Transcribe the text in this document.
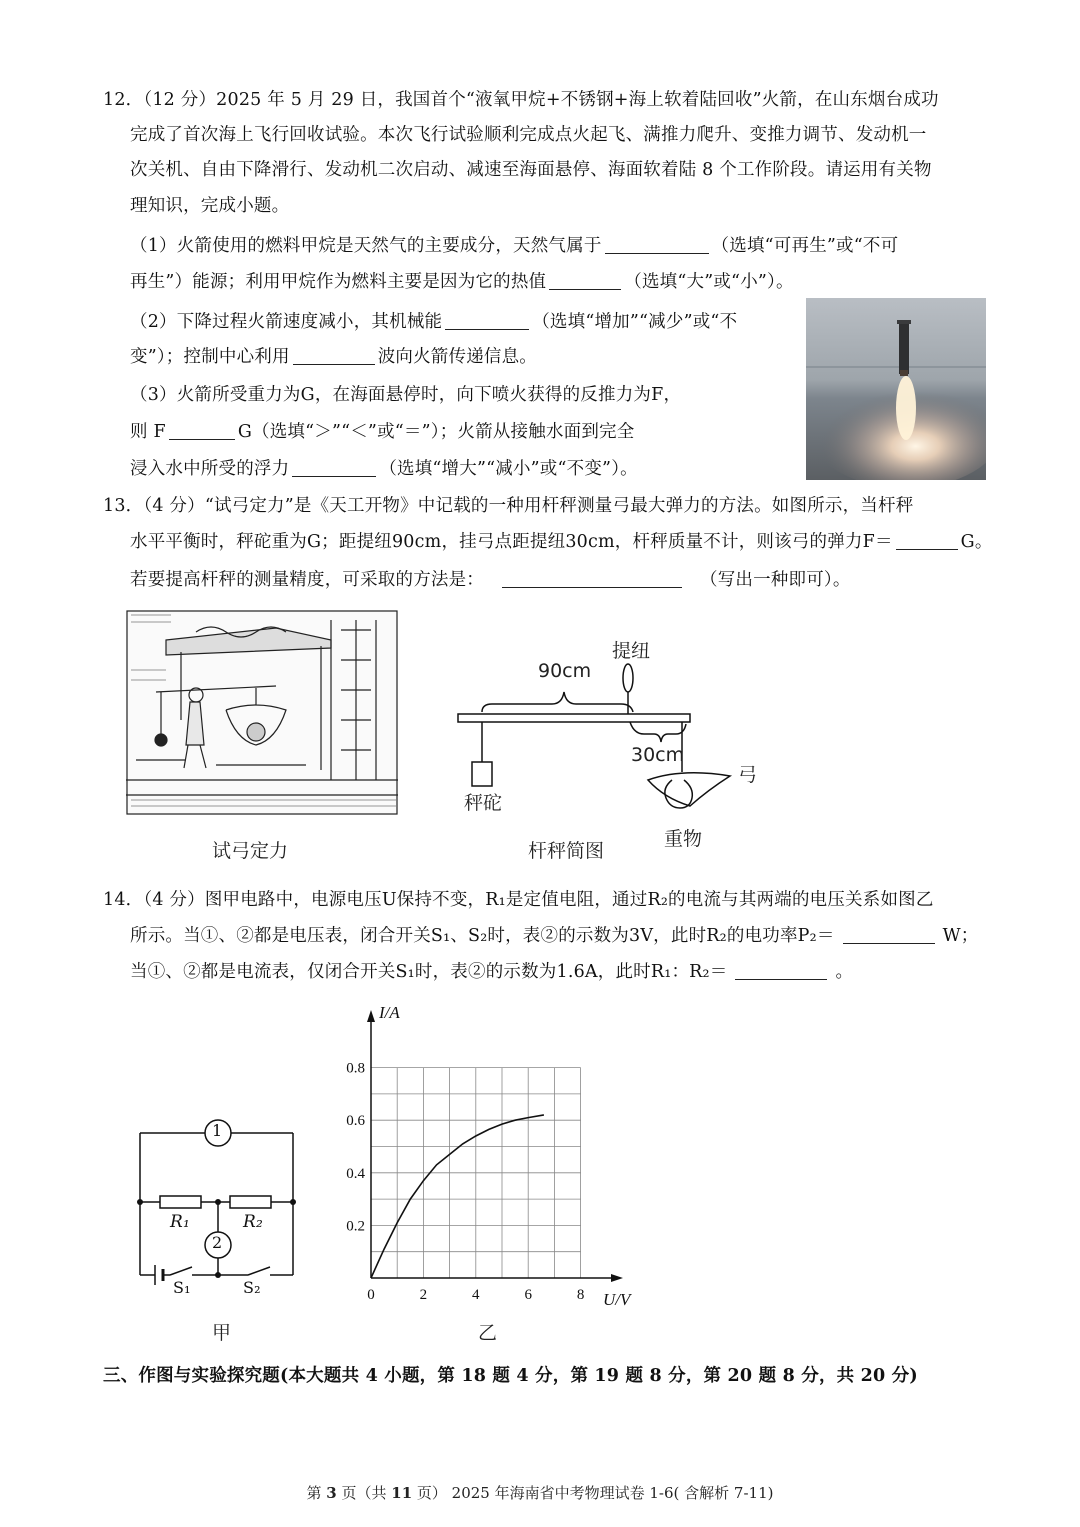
12．（12 分）2025 年 5 月 29 日，我国首个“液氧甲烷+不锈钢+海上软着陆回收”火箭，在山东烟台成功
完成了首次海上飞行回收试验。本次飞行试验顺利完成点火起飞、满推力爬升、变推力调节、发动机一
次关机、自由下降滑行、发动机二次启动、减速至海面悬停、海面软着陆 8 个工作阶段。请运用有关物
理知识，完成小题。
（1）火箭使用的燃料甲烷是天然气的主要成分，天然气属于	（选填“可再生”或“不可
再生”）能源；利用甲烷作为燃料主要是因为它的热值	（选填“大”或“小”）。
（2）下降过程火箭速度减小，其机械能	（选填“增加”“减少”或“不
变”）；控制中心利用	波向火箭传递信息。
（3）火箭所受重力为G，在海面悬停时，向下喷火获得的反推力为F，
则 F	G（选填“＞”“＜”或“＝”）；火箭从接触水面到完全
浸入水中所受的浮力	（选填“增大”“减小”或“不变”）。
13．（4 分）“试弓定力”是《天工开物》中记载的一种用杆秤测量弓最大弹力的方法。如图所示，当杆秤
水平平衡时，秤砣重为G；距提纽90cm，挂弓点距提纽30cm，杆秤质量不计，则该弓的弹力F＝	G。
若要提高杆秤的测量精度，可采取的方法是：	（写出一种即可）。
试弓定力
提纽
90cm
30cm
秤砣
弓
重物
杆秤简图
14．（4 分）图甲电路中，电源电压U保持不变，R₁是定值电阻，通过R₂的电流与其两端的电压关系如图乙
所示。当①、②都是电压表，闭合开关S₁、S₂时，表②的示数为3V，此时R₂的电功率P₂＝	W；
当①、②都是电流表，仅闭合开关S₁时，表②的示数为1.6A，此时R₁：R₂＝	。
1
2
R₁	R₂
S₁	S₂
甲
0	2	4	6	8
0.2
0.4
0.6
0.8
I/A
U/V
乙
三、作图与实验探究题(本大题共 4 小题，第 18 题 4 分，第 19 题 8 分，第 20 题 8 分，共 20 分)
第 3 页（共 11 页） 2025 年海南省中考物理试卷 1-6( 含解析 7-11)
